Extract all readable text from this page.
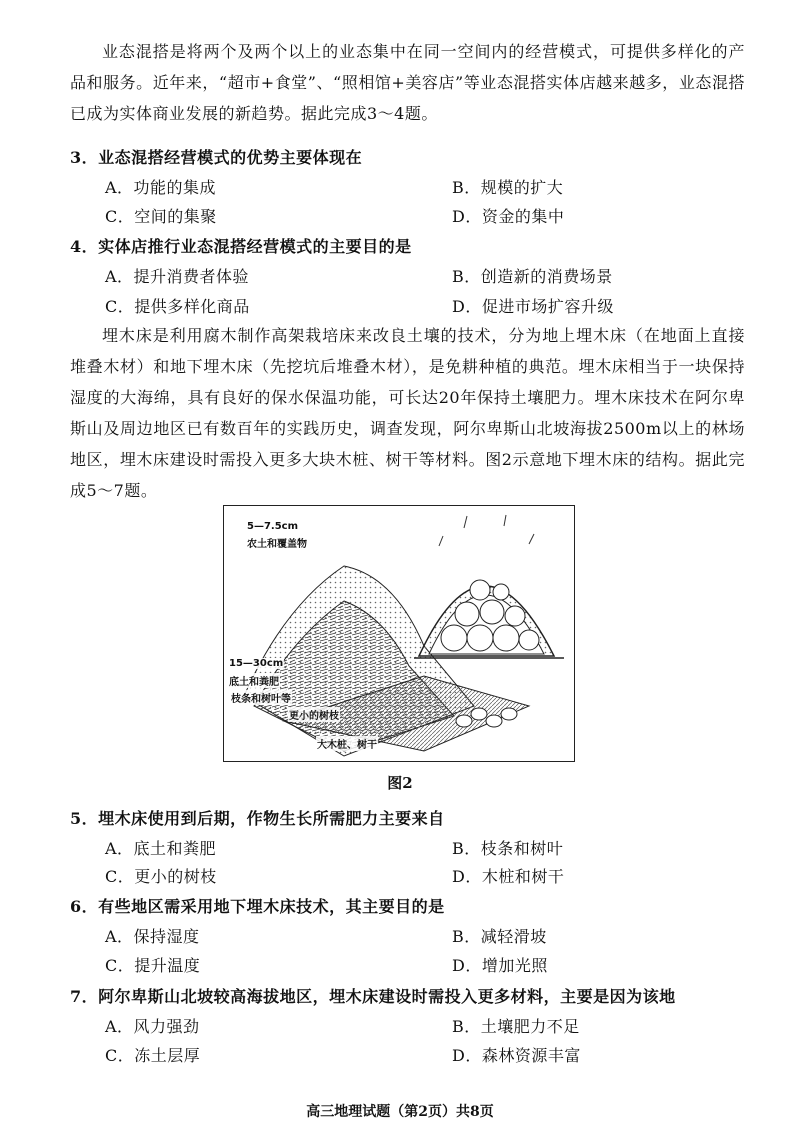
业态混搭是将两个及两个以上的业态集中在同一空间内的经营模式，可提供多样化的产品和服务。近年来，“超市+食堂”、“照相馆+美容店”等业态混搭实体店越来越多，业态混搭已成为实体商业发展的新趋势。据此完成3～4题。
3．业态混搭经营模式的优势主要体现在
A．功能的集成	B．规模的扩大
C．空间的集聚	D．资金的集中
4．实体店推行业态混搭经营模式的主要目的是
A．提升消费者体验	B．创造新的消费场景
C．提供多样化商品	D．促进市场扩容升级
埋木床是利用腐木制作高架栽培床来改良土壤的技术，分为地上埋木床（在地面上直接堆叠木材）和地下埋木床（先挖坑后堆叠木材），是免耕种植的典范。埋木床相当于一块保持湿度的大海绵，具有良好的保水保温功能，可长达20年保持土壤肥力。埋木床技术在阿尔卑斯山及周边地区已有数百年的实践历史，调查发现，阿尔卑斯山北坡海拔2500m以上的林场地区，埋木床建设时需投入更多大块木桩、树干等材料。图2示意地下埋木床的结构。据此完成5～7题。
5—7.5cm
农土和覆盖物
15—30cm
底土和粪肥
枝条和树叶等
更小的树枝
大木桩、树干
图2
5．埋木床使用到后期，作物生长所需肥力主要来自
A．底土和粪肥	B．枝条和树叶
C．更小的树枝	D．木桩和树干
6．有些地区需采用地下埋木床技术，其主要目的是
A．保持湿度	B．减轻滑坡
C．提升温度	D．增加光照
7．阿尔卑斯山北坡较高海拔地区，埋木床建设时需投入更多材料，主要是因为该地
A．风力强劲	B．土壤肥力不足
C．冻土层厚	D．森林资源丰富
高三地理试题（第2页）共8页
